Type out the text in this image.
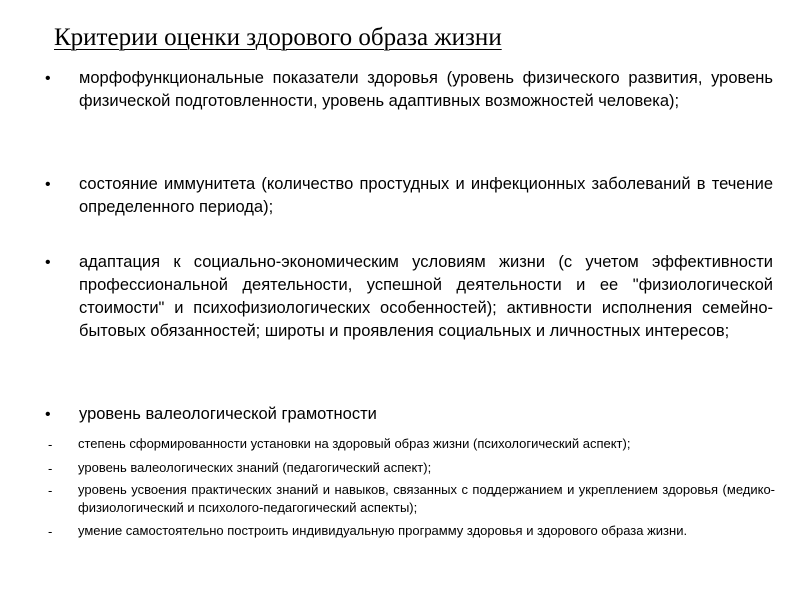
Критерии оценки здорового образа жизни
• морфофункциональные показатели здоровья (уровень физического развития, уровень физической подготовленности, уровень адаптивных возможностей человека);
• состояние иммунитета (количество простудных и инфекционных заболеваний в течение определенного периода);
• адаптация к социально-экономическим условиям жизни (с учетом эффективности профессиональной деятельности, успешной деятельности и ее "физиологической стоимости" и психофизиологических особенностей); активности исполнения семейно-бытовых обязанностей; широты и проявления социальных и личностных интересов;
• уровень валеологической грамотности
- степень сформированности установки на здоровый образ жизни (психологический аспект);
- уровень валеологических знаний (педагогический аспект);
- уровень усвоения практических знаний и навыков, связанных с поддержанием и укреплением здоровья (медико-физиологический и психолого-педагогический аспекты);
- умение самостоятельно построить индивидуальную программу здоровья и здорового образа жизни.
